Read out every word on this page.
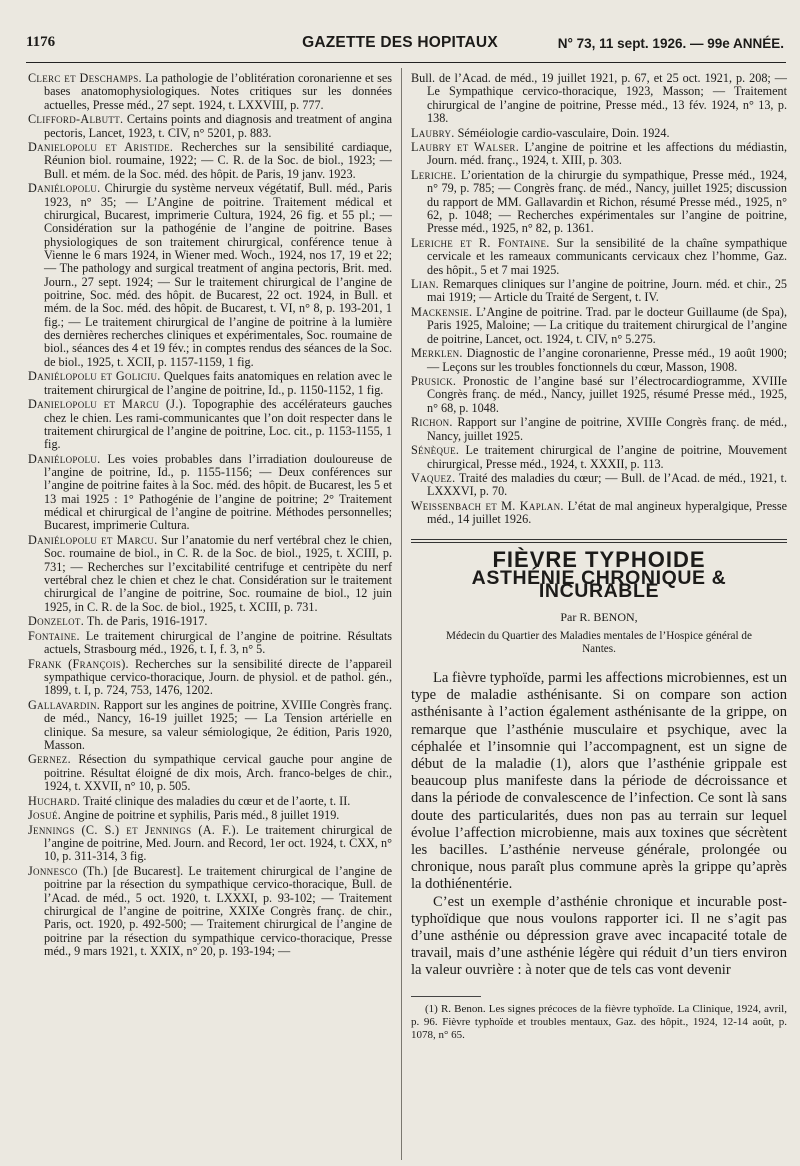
1176	GAZETTE DES HOPITAUX	N° 73, 11 sept. 1926. — 99e ANNÉE.

Clerc et Deschamps. La pathologie de l’oblitération coronarienne et ses bases anatomophysiologiques. Notes critiques sur les données actuelles, Presse méd., 27 sept. 1924, t. LXXVIII, p. 777.

Clifford-Albutt. Certains points and diagnosis and treatment of angina pectoris, Lancet, 1923, t. CIV, n° 5201, p. 883.

Danielopolu et Aristide. Recherches sur la sensibilité cardiaque, Réunion biol. roumaine, 1922; — C. R. de la Soc. de biol., 1923; — Bull. et mém. de la Soc. méd. des hôpit. de Paris, 19 janv. 1923.

Daniélopolu. Chirurgie du système nerveux végétatif, Bull. méd., Paris 1923, n° 35; — L’Angine de poitrine. Traitement médical et chirurgical, Bucarest, imprimerie Cultura, 1924, 26 fig. et 55 pl.; — Considération sur la pathogénie de l’angine de poitrine. Bases physiologiques de son traitement chirurgical, conférence tenue à Vienne le 6 mars 1924, in Wiener med. Woch., 1924, nos 17, 19 et 22; — The pathology and surgical treatment of angina pectoris, Brit. med. Journ., 27 sept. 1924; — Sur le traitement chirurgical de l’angine de poitrine, Soc. méd. des hôpit. de Bucarest, 22 oct. 1924, in Bull. et mém. de la Soc. méd. des hôpit. de Bucarest, t. VI, n° 8, p. 193-201, 1 fig.; — Le traitement chirurgical de l’angine de poitrine à la lumière des dernières recherches cliniques et expérimentales, Soc. roumaine de biol., séances des 4 et 19 fév.; in comptes rendus des séances de la Soc. de biol., 1925, t. XCII, p. 1157-1159, 1 fig.

Daniélopolu et Goliciu. Quelques faits anatomiques en relation avec le traitement chirurgical de l’angine de poitrine, Id., p. 1150-1152, 1 fig.

Danielopolu et Marcu (J.). Topographie des accélérateurs gauches chez le chien. Les rami-communicantes que l’on doit respecter dans le traitement chirurgical de l’angine de poitrine, Loc. cit., p. 1153-1155, 1 fig.

Daniélopolu. Les voies probables dans l’irradiation douloureuse de l’angine de poitrine, Id., p. 1155-1156; — Deux conférences sur l’angine de poitrine faites à la Soc. méd. des hôpit. de Bucarest, les 5 et 13 mai 1925 : 1° Pathogénie de l’angine de poitrine; 2° Traitement médical et chirurgical de l’angine de poitrine. Méthodes personnelles; Bucarest, imprimerie Cultura.

Daniélopolu et Marcu. Sur l’anatomie du nerf vertébral chez le chien, Soc. roumaine de biol., in C. R. de la Soc. de biol., 1925, t. XCIII, p. 731; — Recherches sur l’excitabilité centrifuge et centripète du nerf vertébral chez le chien et chez le chat. Considération sur le traitement chirurgical de l’angine de poitrine, Soc. roumaine de biol., 12 juin 1925, in C. R. de la Soc. de biol., 1925, t. XCIII, p. 731.

Donzelot. Th. de Paris, 1916-1917.

Fontaine. Le traitement chirurgical de l’angine de poitrine. Résultats actuels, Strasbourg méd., 1926, t. I, f. 3, n° 5.

Frank (François). Recherches sur la sensibilité directe de l’appareil sympathique cervico-thoracique, Journ. de physiol. et de pathol. gén., 1899, t. I, p. 724, 753, 1476, 1202.

Gallavardin. Rapport sur les angines de poitrine, XVIIIe Congrès franç. de méd., Nancy, 16-19 juillet 1925; — La Tension artérielle en clinique. Sa mesure, sa valeur sémiologique, 2e édition, Paris 1920, Masson.

Gernez. Résection du sympathique cervical gauche pour angine de poitrine. Résultat éloigné de dix mois, Arch. franco-belges de chir., 1924, t. XXVII, n° 10, p. 505.

Huchard. Traité clinique des maladies du cœur et de l’aorte, t. II.

Josué. Angine de poitrine et syphilis, Paris méd., 8 juillet 1919.

Jennings (C. S.) et Jennings (A. F.). Le traitement chirurgical de l’angine de poitrine, Med. Journ. and Record, 1er oct. 1924, t. CXX, n° 10, p. 311-314, 3 fig.

Jonnesco (Th.) [de Bucarest]. Le traitement chirurgical de l’angine de poitrine par la résection du sympathique cervico-thoracique, Bull. de l’Acad. de méd., 5 oct. 1920, t. LXXXI, p. 93-102; — Traitement chirurgical de l’angine de poitrine, XXIXe Congrès franç. de chir., Paris, oct. 1920, p. 492-500; — Traitement chirurgical de l’angine de poitrine par la résection du sympathique cervico-thoracique, Presse méd., 9 mars 1921, t. XXIX, n° 20, p. 193-194; —

Bull. de l’Acad. de méd., 19 juillet 1921, p. 67, et 25 oct. 1921, p. 208; — Le Sympathique cervico-thoracique, 1923, Masson; — Traitement chirurgical de l’angine de poitrine, Presse méd., 13 fév. 1924, n° 13, p. 138.

Laubry. Séméiologie cardio-vasculaire, Doin. 1924.

Laubry et Walser. L’angine de poitrine et les affections du médiastin, Journ. méd. franç., 1924, t. XIII, p. 303.

Leriche. L’orientation de la chirurgie du sympathique, Presse méd., 1924, n° 79, p. 785; — Congrès franç. de méd., Nancy, juillet 1925; discussion du rapport de MM. Gallavardin et Richon, résumé Presse méd., 1925, n° 62, p. 1048; — Recherches expérimentales sur l’angine de poitrine, Presse méd., 1925, n° 82, p. 1361.

Leriche et R. Fontaine. Sur la sensibilité de la chaîne sympathique cervicale et les rameaux communicants cervicaux chez l’homme, Gaz. des hôpit., 5 et 7 mai 1925.

Lian. Remarques cliniques sur l’angine de poitrine, Journ. méd. et chir., 25 mai 1919; — Article du Traité de Sergent, t. IV.

Mackensie. L’Angine de poitrine. Trad. par le docteur Guillaume (de Spa), Paris 1925, Maloine; — La critique du traitement chirurgical de l’angine de poitrine, Lancet, oct. 1924, t. CIV, n° 5.275.

Merklen. Diagnostic de l’angine coronarienne, Presse méd., 19 août 1900; — Leçons sur les troubles fonctionnels du cœur, Masson, 1908.

Prusick. Pronostic de l’angine basé sur l’électrocardiogramme, XVIIIe Congrès franç. de méd., Nancy, juillet 1925, résumé Presse méd., 1925, n° 68, p. 1048.

Richon. Rapport sur l’angine de poitrine, XVIIIe Congrès franç. de méd., Nancy, juillet 1925.

Sénèque. Le traitement chirurgical de l’angine de poitrine, Mouvement chirurgical, Presse méd., 1924, t. XXXII, p. 113.

Vaquez. Traité des maladies du cœur; — Bull. de l’Acad. de méd., 1921, t. LXXXVI, p. 70.

Weissenbach et M. Kaplan. L’état de mal angineux hyperalgique, Presse méd., 14 juillet 1926.

FIÈVRE TYPHOIDE
ASTHÉNIE CHRONIQUE & INCURABLE
Par R. BENON,
Médecin du Quartier des Maladies mentales de l’Hospice général de Nantes.

La fièvre typhoïde, parmi les affections microbiennes, est un type de maladie asthénisante. Si on compare son action asthénisante à l’action également asthénisante de la grippe, on remarque que l’asthénie musculaire et psychique, avec la céphalée et l’insomnie qui l’accompagnent, est un signe de début de la maladie (1), alors que l’asthénie grippale est beaucoup plus manifeste dans la période de décroissance et dans la période de convalescence de l’infection. Ce sont là sans doute des particularités, dues non pas au terrain sur lequel évolue l’affection microbienne, mais aux toxines que sécrètent les bacilles. L’asthénie nerveuse générale, prolongée ou chronique, nous paraît plus commune après la grippe qu’après la dothiénentérie.

C’est un exemple d’asthénie chronique et incurable post-typhoïdique que nous voulons rapporter ici. Il ne s’agit pas d’une asthénie ou dépression grave avec incapacité totale de travail, mais d’une asthénie légère qui réduit d’un tiers environ la valeur ouvrière : à noter que de tels cas vont devenir

(1) R. Benon. Les signes précoces de la fièvre typhoïde. La Clinique, 1924, avril, p. 96. Fièvre typhoïde et troubles mentaux, Gaz. des hôpit., 1924, 12-14 août, p. 1078, n° 65.
